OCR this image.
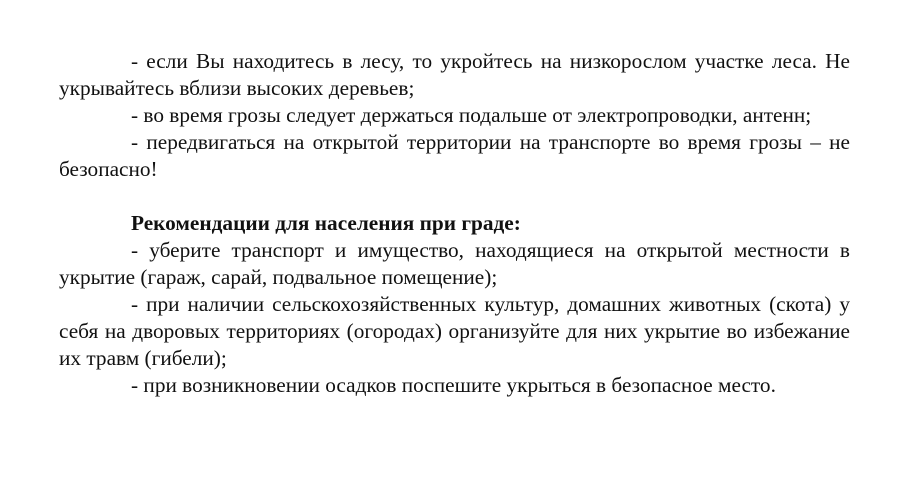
- если Вы находитесь в лесу, то укройтесь на низкорослом участке леса. Не укрывайтесь вблизи высоких деревьев;

- во время грозы следует держаться подальше от электропроводки, антенн;

- передвигаться на открытой территории на транспорте во время грозы – не безопасно!

Рекомендации для населения при граде:

- уберите транспорт и имущество, находящиеся на открытой местности в укрытие (гараж, сарай, подвальное помещение);

- при наличии сельскохозяйственных культур, домашних животных (скота) у себя на дворовых территориях (огородах) организуйте для них укрытие во избежание их травм (гибели);

- при возникновении осадков поспешите укрыться в безопасное место.
